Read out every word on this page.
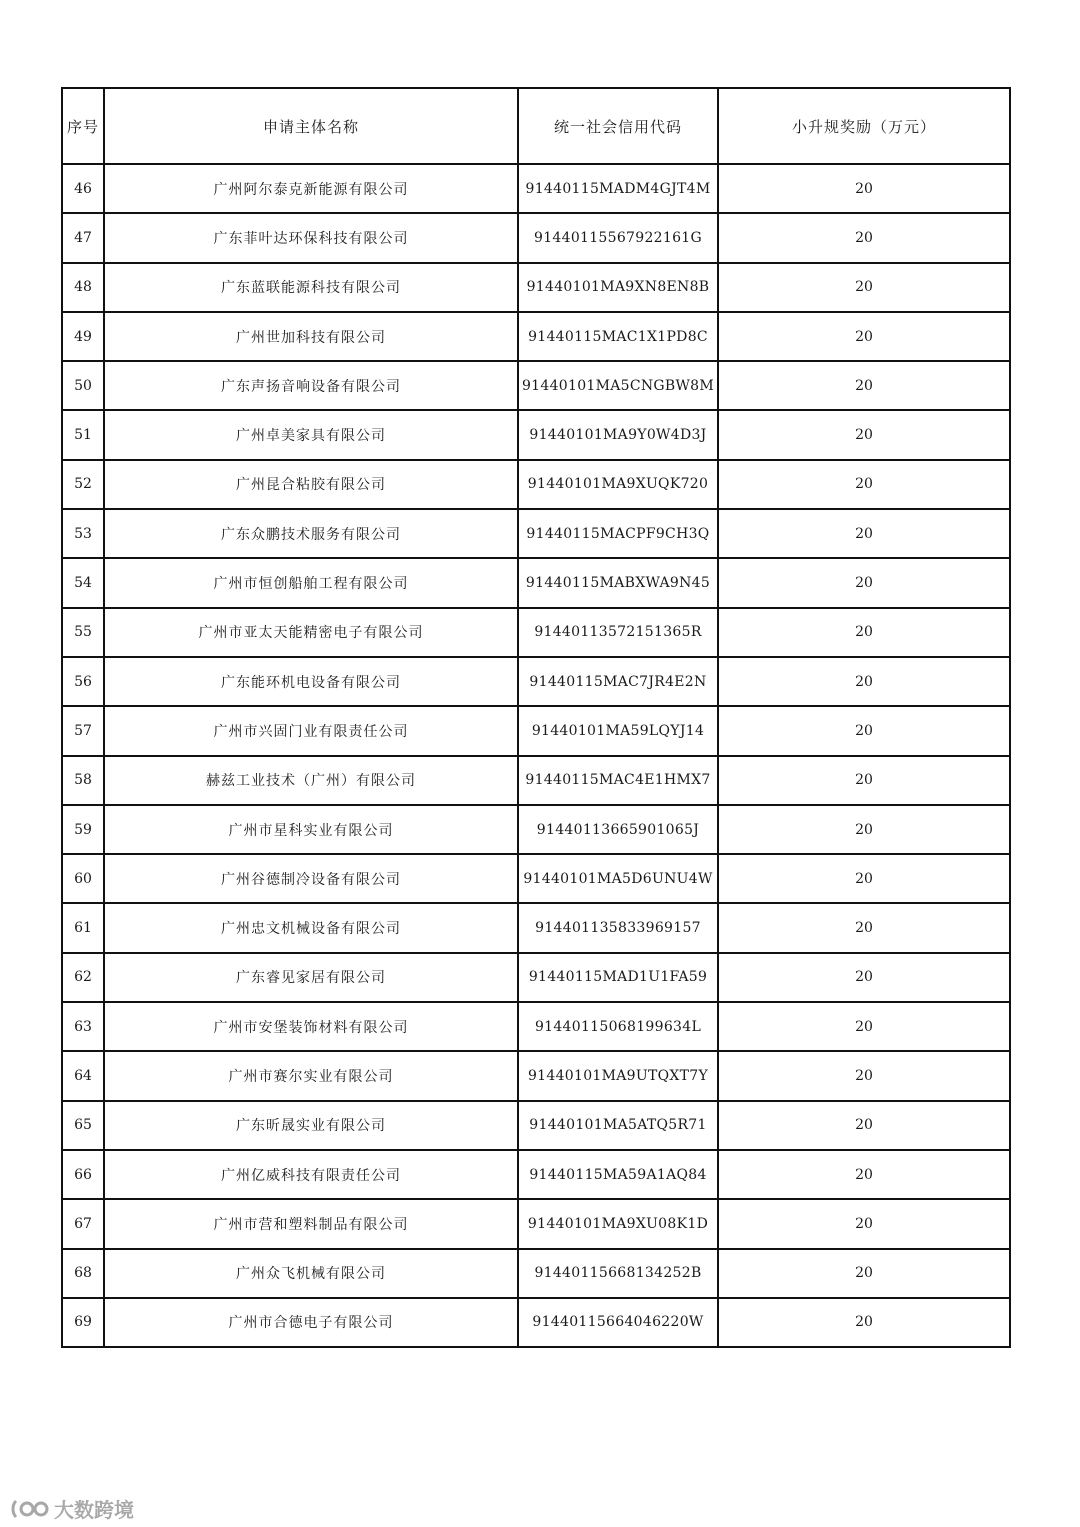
序号	申请主体名称	统一社会信用代码	小升规奖励（万元）
46	广州阿尔泰克新能源有限公司	91440115MADM4GJT4M	20
47	广东菲叶达环保科技有限公司	91440115567922161G	20
48	广东蓝联能源科技有限公司	91440101MA9XN8EN8B	20
49	广州世加科技有限公司	91440115MAC1X1PD8C	20
50	广东声扬音响设备有限公司	91440101MA5CNGBW8M	20
51	广州卓美家具有限公司	91440101MA9Y0W4D3J	20
52	广州昆合粘胶有限公司	91440101MA9XUQK720	20
53	广东众鹏技术服务有限公司	91440115MACPF9CH3Q	20
54	广州市恒创船舶工程有限公司	91440115MABXWA9N45	20
55	广州市亚太天能精密电子有限公司	91440113572151365R	20
56	广东能环机电设备有限公司	91440115MAC7JR4E2N	20
57	广州市兴固门业有限责任公司	91440101MA59LQYJ14	20
58	赫兹工业技术（广州）有限公司	91440115MAC4E1HMX7	20
59	广州市星科实业有限公司	91440113665901065J	20
60	广州谷德制冷设备有限公司	91440101MA5D6UNU4W	20
61	广州忠文机械设备有限公司	914401135833969157	20
62	广东睿见家居有限公司	91440115MAD1U1FA59	20
63	广州市安堡装饰材料有限公司	91440115068199634L	20
64	广州市赛尔实业有限公司	91440101MA9UTQXT7Y	20
65	广东昕晟实业有限公司	91440101MA5ATQ5R71	20
66	广州亿威科技有限责任公司	91440115MA59A1AQ84	20
67	广州市营和塑料制品有限公司	91440101MA9XU08K1D	20
68	广州众飞机械有限公司	91440115668134252B	20
69	广州市合德电子有限公司	91440115664046220W	20
大数跨境
